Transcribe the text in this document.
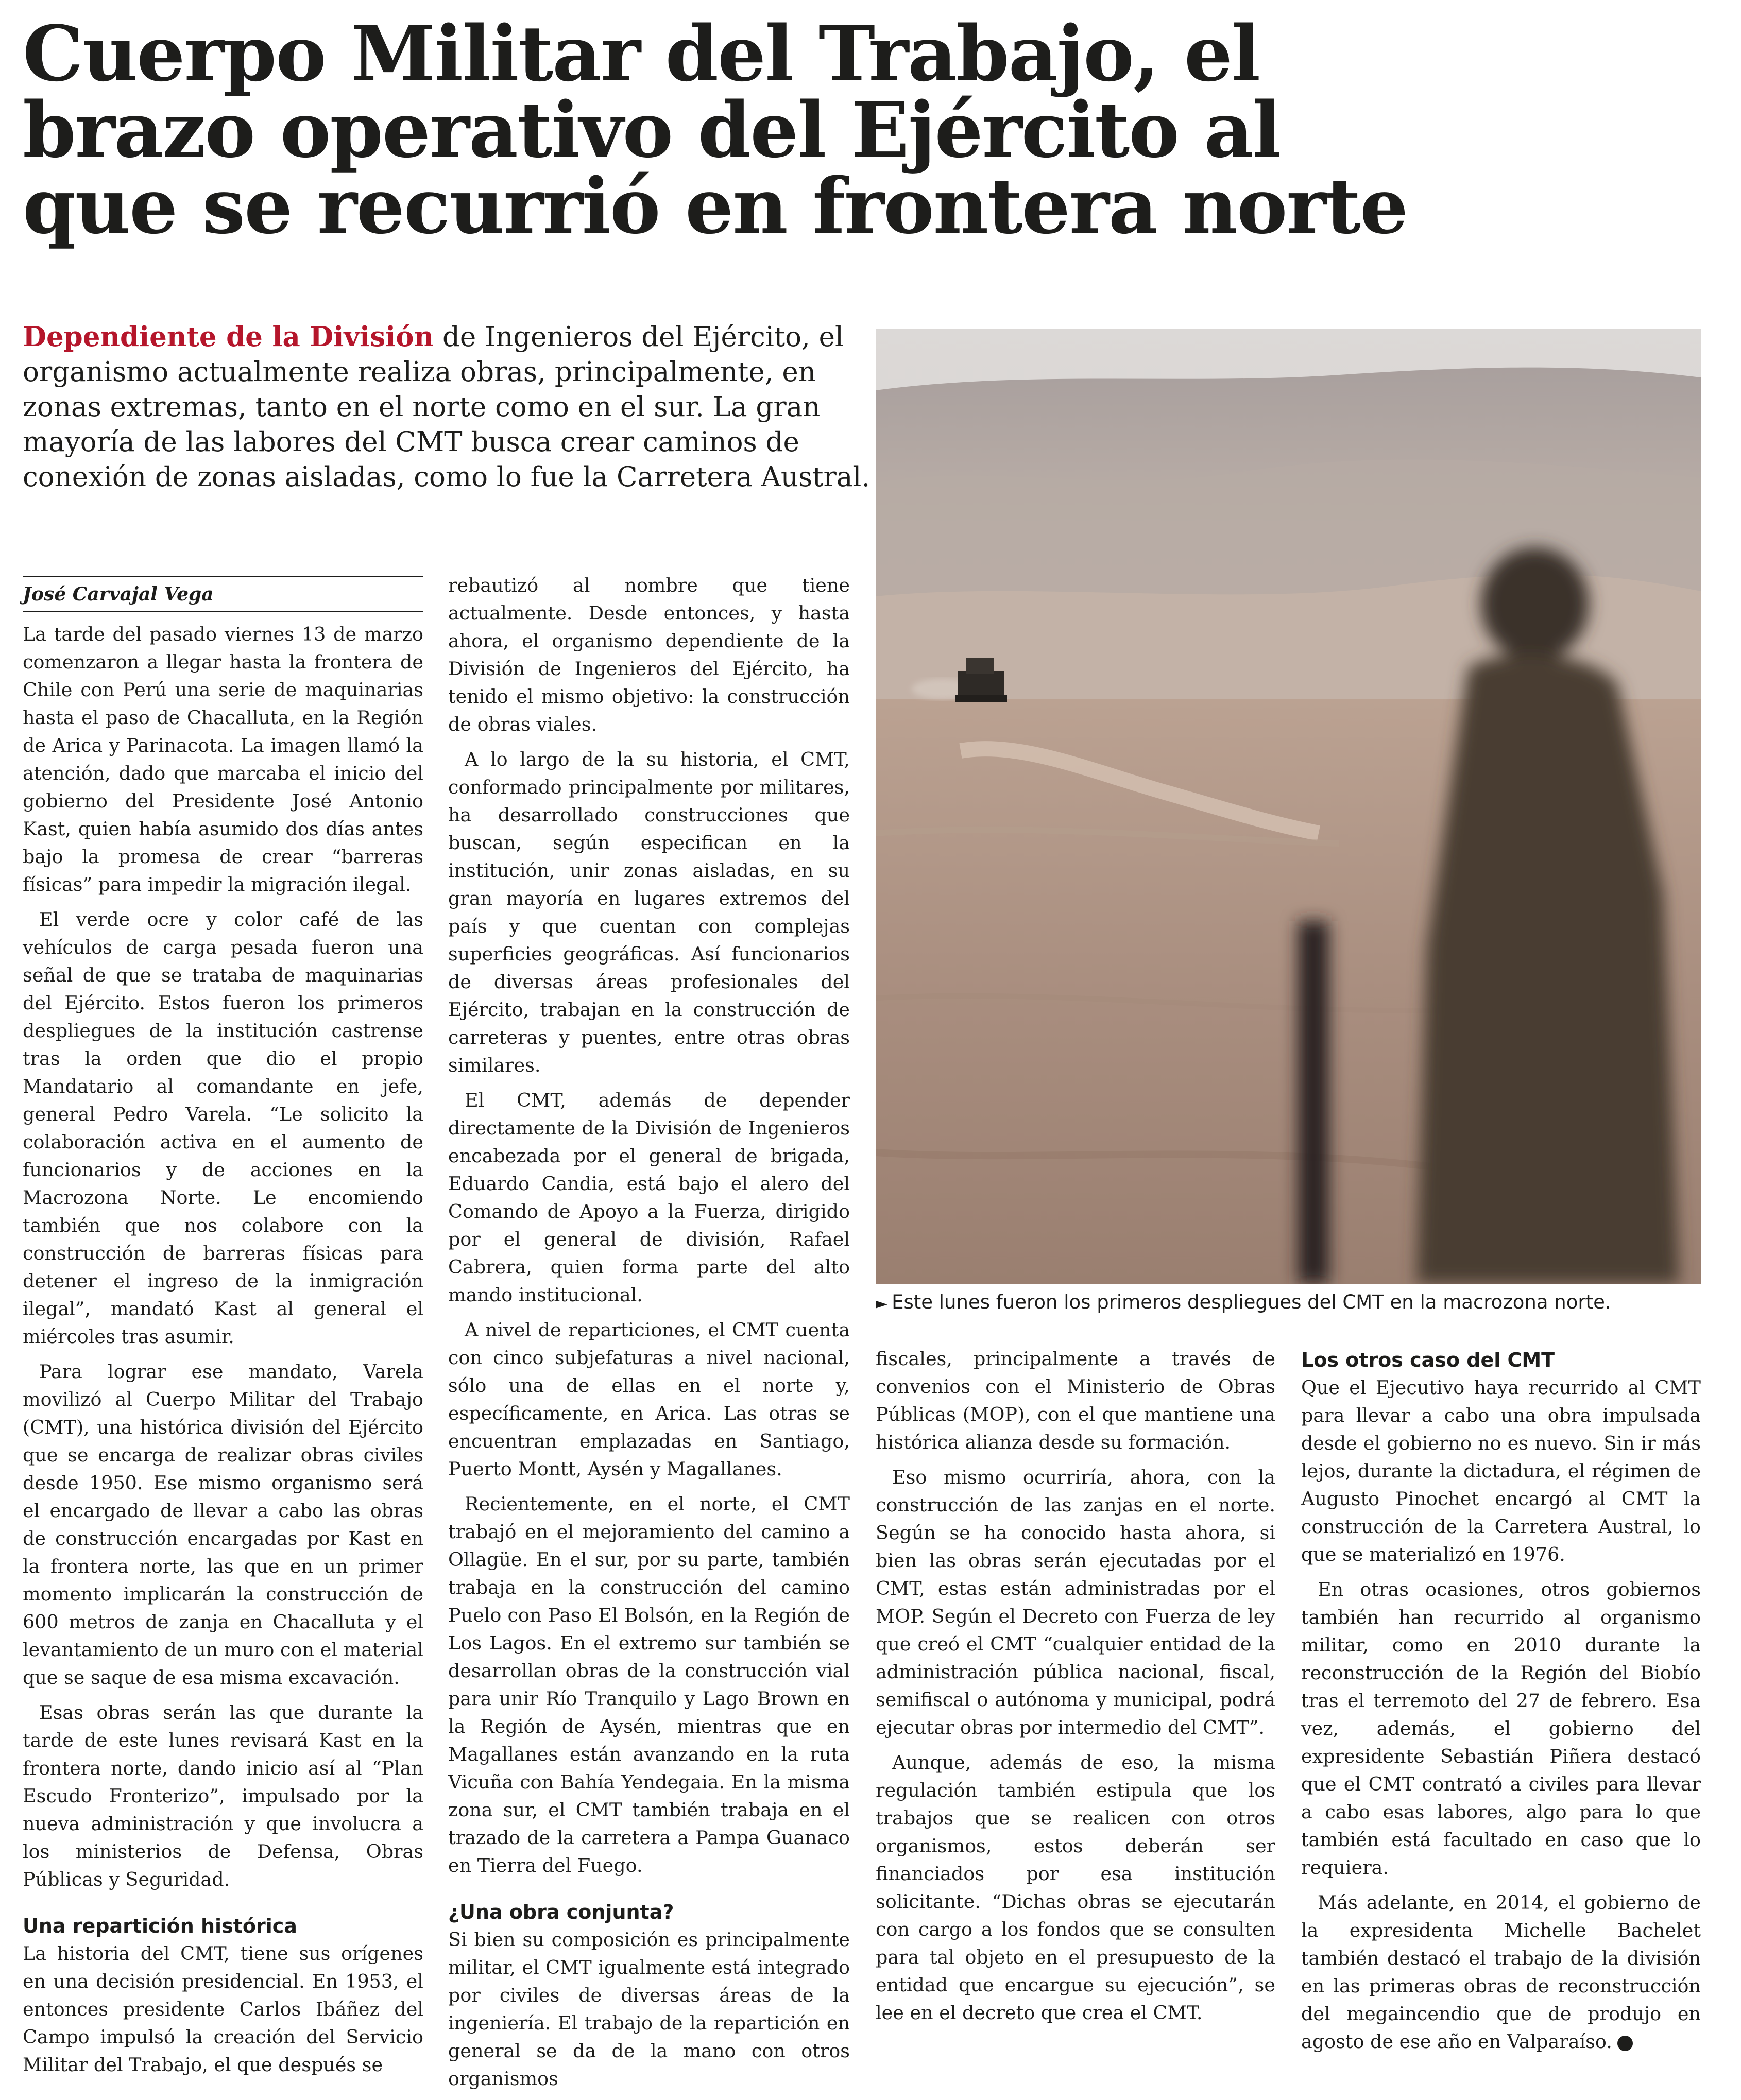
Cuerpo Militar del Trabajo, el
brazo operativo del Ejército al
que se recurrió en frontera norte

Dependiente de la División de Ingenieros del Ejército, el
organismo actualmente realiza obras, principalmente, en
zonas extremas, tanto en el norte como en el sur. La gran
mayoría de las labores del CMT busca crear caminos de
conexión de zonas aisladas, como lo fue la Carretera Austral.

José Carvajal Vega

La tarde del pasado viernes 13 de marzo comenzaron a llegar hasta la frontera de Chile con Perú una serie de maquinarias hasta el paso de Chacalluta, en la Región de Arica y Parinacota. La imagen llamó la atención, dado que marcaba el inicio del gobierno del Presidente José Antonio Kast, quien había asumido dos días antes bajo la promesa de crear “barreras físicas” para impedir la migración ilegal.

El verde ocre y color café de las vehículos de carga pesada fueron una señal de que se trataba de maquinarias del Ejército. Estos fueron los primeros despliegues de la institución castrense tras la orden que dio el propio Mandatario al comandante en jefe, general Pedro Varela. “Le solicito la colaboración activa en el aumento de funcionarios y de acciones en la Macrozona Norte. Le encomiendo también que nos colabore con la construcción de barreras físicas para detener el ingreso de la inmigración ilegal”, mandató Kast al general el miércoles tras asumir.

Para lograr ese mandato, Varela movilizó al Cuerpo Militar del Trabajo (CMT), una histórica división del Ejército que se encarga de realizar obras civiles desde 1950. Ese mismo organismo será el encargado de llevar a cabo las obras de construcción encargadas por Kast en la frontera norte, las que en un primer momento implicarán la construcción de 600 metros de zanja en Chacalluta y el levantamiento de un muro con el material que se saque de esa misma excavación.

Esas obras serán las que durante la tarde de este lunes revisará Kast en la frontera norte, dando inicio así al “Plan Escudo Fronterizo”, impulsado por la nueva administración y que involucra a los ministerios de Defensa, Obras Públicas y Seguridad.

Una repartición histórica

La historia del CMT, tiene sus orígenes en una decisión presidencial. En 1953, el entonces presidente Carlos Ibáñez del Campo impulsó la creación del Servicio Militar del Trabajo, el que después se

rebautizó al nombre que tiene actualmente. Desde entonces, y hasta ahora, el organismo dependiente de la División de Ingenieros del Ejército, ha tenido el mismo objetivo: la construcción de obras viales.

A lo largo de la su historia, el CMT, conformado principalmente por militares, ha desarrollado construcciones que buscan, según especifican en la institución, unir zonas aisladas, en su gran mayoría en lugares extremos del país y que cuentan con complejas superficies geográficas. Así funcionarios de diversas áreas profesionales del Ejército, trabajan en la construcción de carreteras y puentes, entre otras obras similares.

El CMT, además de depender directamente de la División de Ingenieros encabezada por el general de brigada, Eduardo Candia, está bajo el alero del Comando de Apoyo a la Fuerza, dirigido por el general de división, Rafael Cabrera, quien forma parte del alto mando institucional.

A nivel de reparticiones, el CMT cuenta con cinco subjefaturas a nivel nacional, sólo una de ellas en el norte y, específicamente, en Arica. Las otras se encuentran emplazadas en Santiago, Puerto Montt, Aysén y Magallanes.

Recientemente, en el norte, el CMT trabajó en el mejoramiento del camino a Ollagüe. En el sur, por su parte, también trabaja en la construcción del camino Puelo con Paso El Bolsón, en la Región de Los Lagos. En el extremo sur también se desarrollan obras de la construcción vial para unir Río Tranquilo y Lago Brown en la Región de Aysén, mientras que en Magallanes están avanzando en la ruta Vicuña con Bahía Yendegaia. En la misma zona sur, el CMT también trabaja en el trazado de la carretera a Pampa Guanaco en Tierra del Fuego.

¿Una obra conjunta?

Si bien su composición es principalmente militar, el CMT igualmente está integrado por civiles de diversas áreas de la ingeniería. El trabajo de la repartición en general se da de la mano con otros organismos

► Este lunes fueron los primeros despliegues del CMT en la macrozona norte.

fiscales, principalmente a través de convenios con el Ministerio de Obras Públicas (MOP), con el que mantiene una histórica alianza desde su formación.

Eso mismo ocurriría, ahora, con la construcción de las zanjas en el norte. Según se ha conocido hasta ahora, si bien las obras serán ejecutadas por el CMT, estas están administradas por el MOP. Según el Decreto con Fuerza de ley que creó el CMT “cualquier entidad de la administración pública nacional, fiscal, semifiscal o autónoma y municipal, podrá ejecutar obras por intermedio del CMT”.

Aunque, además de eso, la misma regulación también estipula que los trabajos que se realicen con otros organismos, estos deberán ser financiados por esa institución solicitante. “Dichas obras se ejecutarán con cargo a los fondos que se consulten para tal objeto en el presupuesto de la entidad que encargue su ejecución”, se lee en el decreto que crea el CMT.

Los otros caso del CMT

Que el Ejecutivo haya recurrido al CMT para llevar a cabo una obra impulsada desde el gobierno no es nuevo. Sin ir más lejos, durante la dictadura, el régimen de Augusto Pinochet encargó al CMT la construcción de la Carretera Austral, lo que se materializó en 1976.

En otras ocasiones, otros gobiernos también han recurrido al organismo militar, como en 2010 durante la reconstrucción de la Región del Biobío tras el terremoto del 27 de febrero. Esa vez, además, el gobierno del expresidente Sebastián Piñera destacó que el CMT contrató a civiles para llevar a cabo esas labores, algo para lo que también está facultado en caso que lo requiera.

Más adelante, en 2014, el gobierno de la expresidenta Michelle Bachelet también destacó el trabajo de la división en las primeras obras de reconstrucción del megaincendio que de produjo en agosto de ese año en Valparaíso.
